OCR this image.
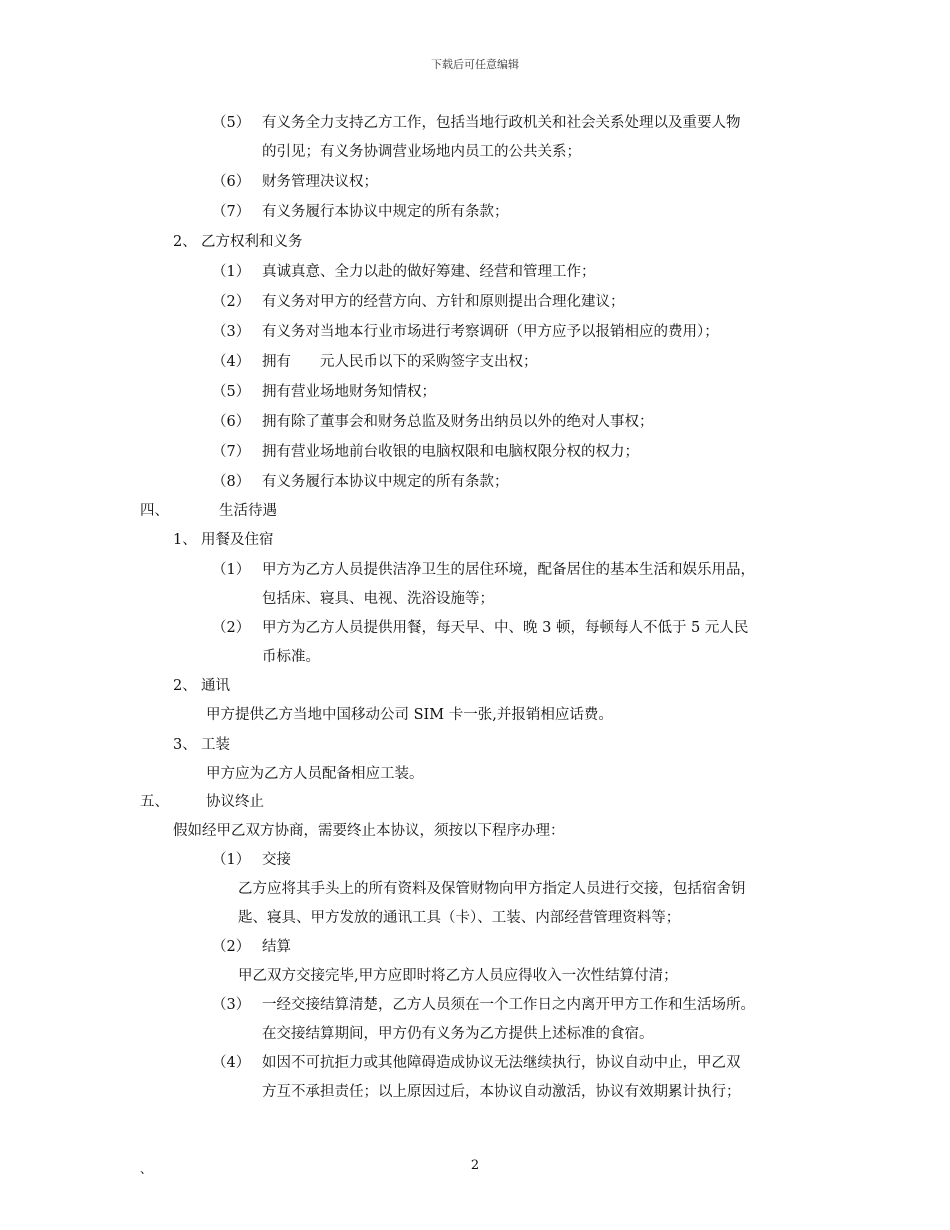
下载后可任意编辑
（5） 有义务全力支持乙方工作，包括当地行政机关和社会关系处理以及重要人物
的引见；有义务协调营业场地内员工的公共关系；
（6） 财务管理决议权；
（7） 有义务履行本协议中规定的所有条款；
2、 乙方权利和义务
（1） 真诚真意、全力以赴的做好筹建、经营和管理工作；
（2） 有义务对甲方的经营方向、方针和原则提出合理化建议；
（3） 有义务对当地本行业市场进行考察调研（甲方应予以报销相应的费用）；
（4） 拥有　　元人民币以下的采购签字支出权；
（5） 拥有营业场地财务知情权；
（6） 拥有除了董事会和财务总监及财务出纳员以外的绝对人事权；
（7） 拥有营业场地前台收银的电脑权限和电脑权限分权的权力；
（8） 有义务履行本协议中规定的所有条款；
四、	生活待遇
1、 用餐及住宿
（1） 甲方为乙方人员提供洁净卫生的居住环境，配备居住的基本生活和娱乐用品，
包括床、寝具、电视、洗浴设施等；
（2） 甲方为乙方人员提供用餐，每天早、中、晚 3 顿，每顿每人不低于 5 元人民
币标准。
2、 通讯
甲方提供乙方当地中国移动公司 SIM 卡一张,并报销相应话费。
3、 工装
甲方应为乙方人员配备相应工装。
五、	协议终止
假如经甲乙双方协商，需要终止本协议，须按以下程序办理：
（1） 交接
乙方应将其手头上的所有资料及保管财物向甲方指定人员进行交接，包括宿舍钥
匙、寝具、甲方发放的通讯工具（卡）、工装、内部经营管理资料等；
（2） 结算
甲乙双方交接完毕,甲方应即时将乙方人员应得收入一次性结算付清；
（3） 一经交接结算清楚，乙方人员须在一个工作日之内离开甲方工作和生活场所。
在交接结算期间，甲方仍有义务为乙方提供上述标准的食宿。
（4） 如因不可抗拒力或其他障碍造成协议无法继续执行，协议自动中止，甲乙双
方互不承担责任；以上原因过后，本协议自动激活，协议有效期累计执行；
、	2
